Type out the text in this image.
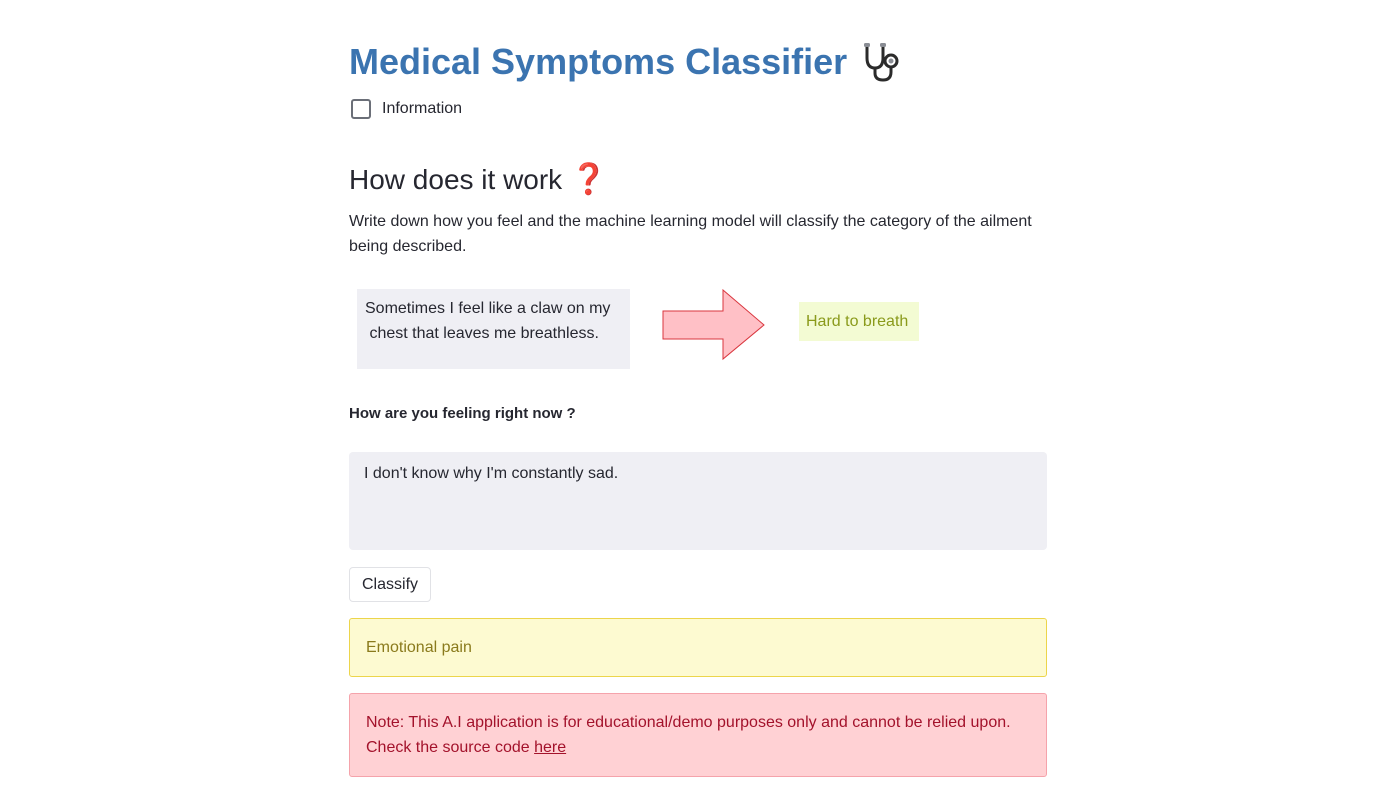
Medical Symptoms Classifier
Information
How does it work ❓

Write down how you feel and the machine learning model will classify the category of the ailment being described.

Sometimes I feel like a claw on my
chest that leaves me breathless.
Hard to breath
How are you feeling right now ?
I don't know why I'm constantly sad.
Classify
Emotional pain
Note: This A.I application is for educational/demo purposes only and cannot be relied upon. Check the source code here
